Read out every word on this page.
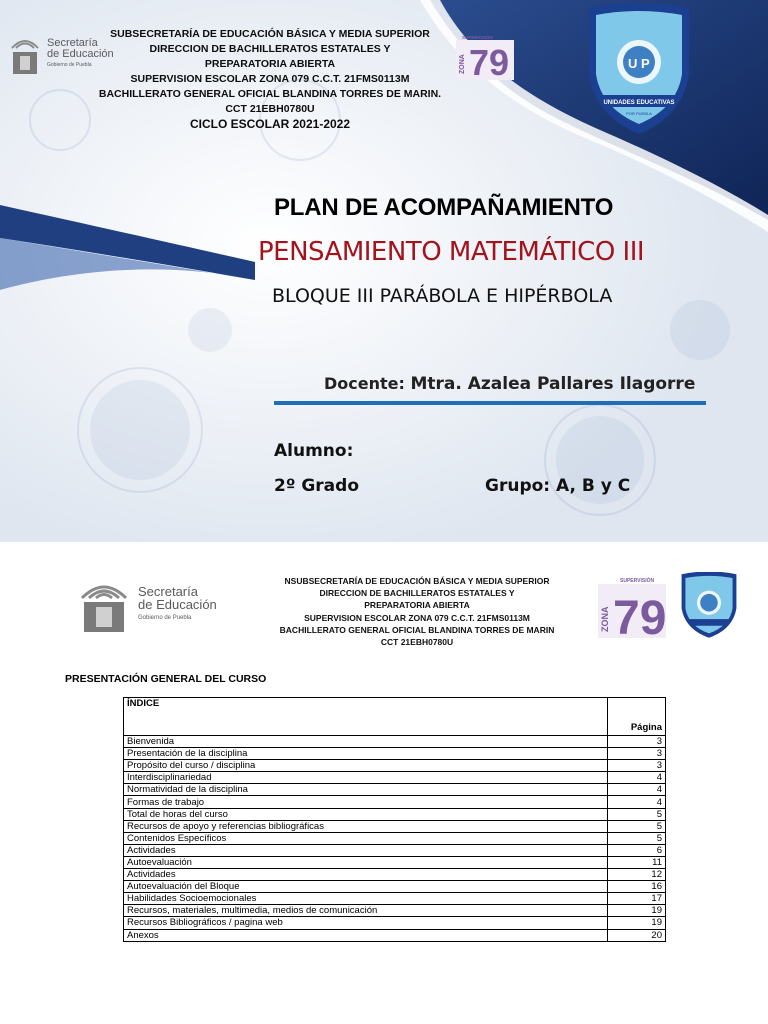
Secretaría
de Educación
Gobierno de Puebla
SUBSECRETARÍA DE EDUCACIÓN BÁSICA Y MEDIA SUPERIOR
DIRECCION DE BACHILLERATOS ESTATALES Y
PREPARATORIA ABIERTA
SUPERVISION ESCOLAR ZONA 079 C.C.T. 21FMS0113M
BACHILLERATO GENERAL OFICIAL BLANDINA TORRES DE MARIN.
CCT 21EBH0780U
CICLO ESCOLAR 2021-2022
SUPERVISIÓN
ZONA 79	U P
UNIDADES EDUCATIVAS
POR PUEBLA
PLAN DE ACOMPAÑAMIENTO
PENSAMIENTO MATEMÁTICO III
BLOQUE III PARÁBOLA E HIPÉRBOLA
Docente: Mtra. Azalea Pallares Ilagorre
Alumno:
2º Grado	Grupo: A, B y C
Secretaría
de Educación
Gobierno de Puebla
NSUBSECRETARÍA DE EDUCACIÓN BÁSICA Y MEDIA SUPERIOR
DIRECCION DE BACHILLERATOS ESTATALES Y
PREPARATORIA ABIERTA
SUPERVISION ESCOLAR ZONA 079 C.C.T. 21FMS0113M
BACHILLERATO GENERAL OFICIAL BLANDINA TORRES DE MARIN
CCT 21EBH0780U
SUPERVISIÓN
ZONA 79
PRESENTACIÓN GENERAL DEL CURSO
ÍNDICE	Página
Bienvenida	3
Presentación de la disciplina	3
Propósito del curso / disciplina	3
Interdisciplinariedad	4
Normatividad de la disciplina	4
Formas de trabajo	4
Total de horas del curso	5
Recursos de apoyo y referencias bibliográficas	5
Contenidos Específicos	5
Actividades	6
Autoevaluación	11
Actividades	12
Autoevaluación del Bloque	16
Habilidades Socioemocionales	17
Recursos, materiales, multimedia, medios de comunicación	19
Recursos Bibliográficos / pagina web	19
Anexos	20
